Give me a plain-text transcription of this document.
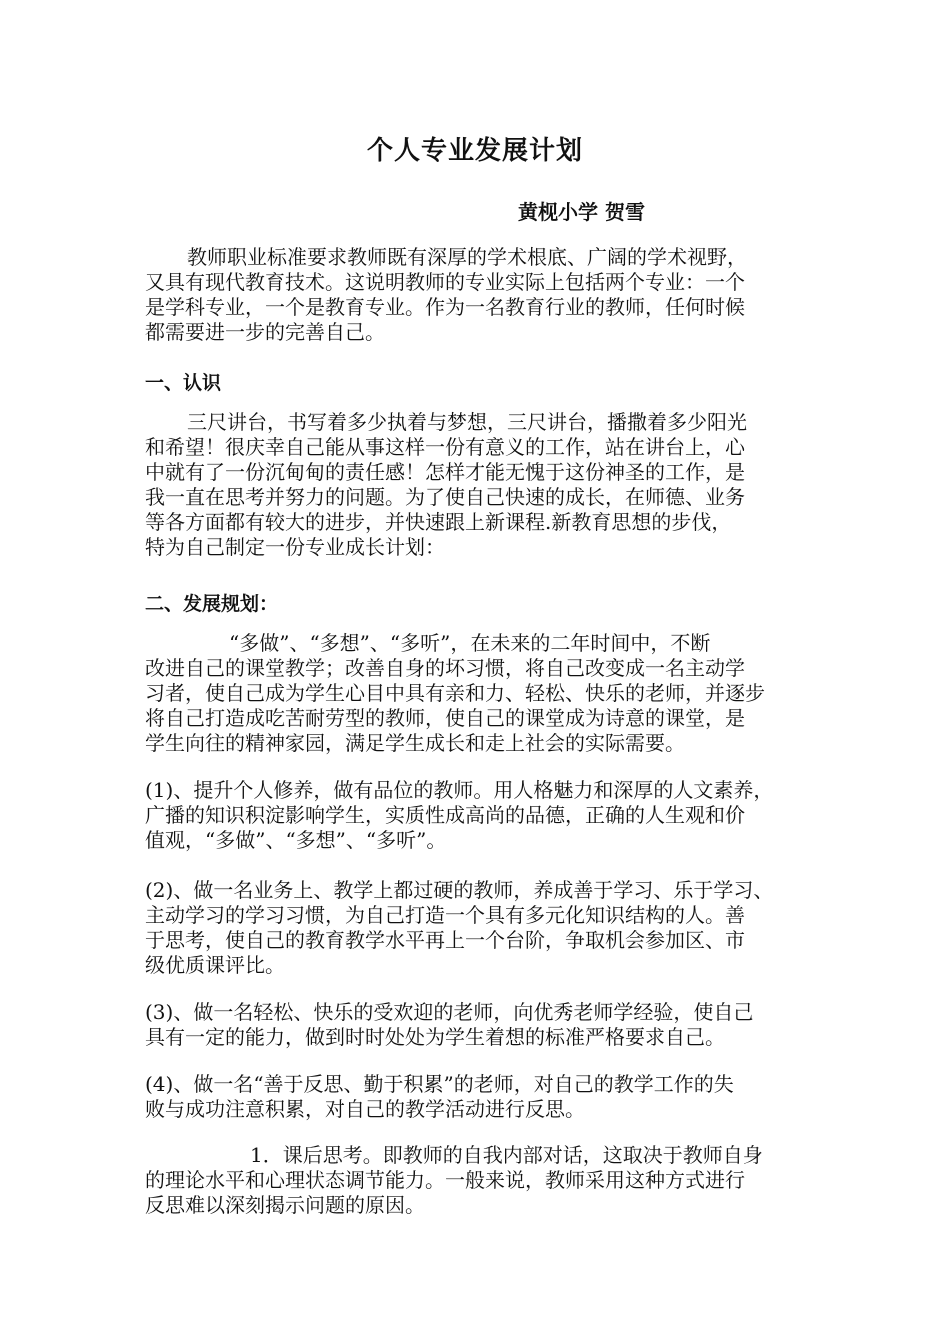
个人专业发展计划
黄枧小学 贺雪
教师职业标准要求教师既有深厚的学术根底、广阔的学术视野，
又具有现代教育技术。这说明教师的专业实际上包括两个专业：一个
是学科专业，一个是教育专业。作为一名教育行业的教师，任何时候
都需要进一步的完善自己。
一、认识
三尺讲台，书写着多少执着与梦想，三尺讲台，播撒着多少阳光
和希望！很庆幸自己能从事这样一份有意义的工作，站在讲台上，心
中就有了一份沉甸甸的责任感！怎样才能无愧于这份神圣的工作，是
我一直在思考并努力的问题。为了使自己快速的成长，在师德、业务
等各方面都有较大的进步，并快速跟上新课程.新教育思想的步伐，
特为自己制定一份专业成长计划：
二、发展规划：
“多做”、“多想”、“多听”，在未来的二年时间中，不断
改进自己的课堂教学；改善自身的坏习惯，将自己改变成一名主动学
习者，使自己成为学生心目中具有亲和力、轻松、快乐的老师，并逐步
将自己打造成吃苦耐劳型的教师，使自己的课堂成为诗意的课堂，是
学生向往的精神家园，满足学生成长和走上社会的实际需要。
(1)、提升个人修养，做有品位的教师。用人格魅力和深厚的人文素养，
广播的知识积淀影响学生，实质性成高尚的品德，正确的人生观和价
值观，“多做”、“多想”、“多听”。
(2)、做一名业务上、教学上都过硬的教师，养成善于学习、乐于学习、
主动学习的学习习惯，为自己打造一个具有多元化知识结构的人。善
于思考，使自己的教育教学水平再上一个台阶，争取机会参加区、市
级优质课评比。
(3)、做一名轻松、快乐的受欢迎的老师，向优秀老师学经验，使自己
具有一定的能力，做到时时处处为学生着想的标准严格要求自己。
(4)、做一名“善于反思、勤于积累”的老师，对自己的教学工作的失
败与成功注意积累，对自己的教学活动进行反思。
1．课后思考。即教师的自我内部对话，这取决于教师自身
的理论水平和心理状态调节能力。一般来说，教师采用这种方式进行
反思难以深刻揭示问题的原因。
